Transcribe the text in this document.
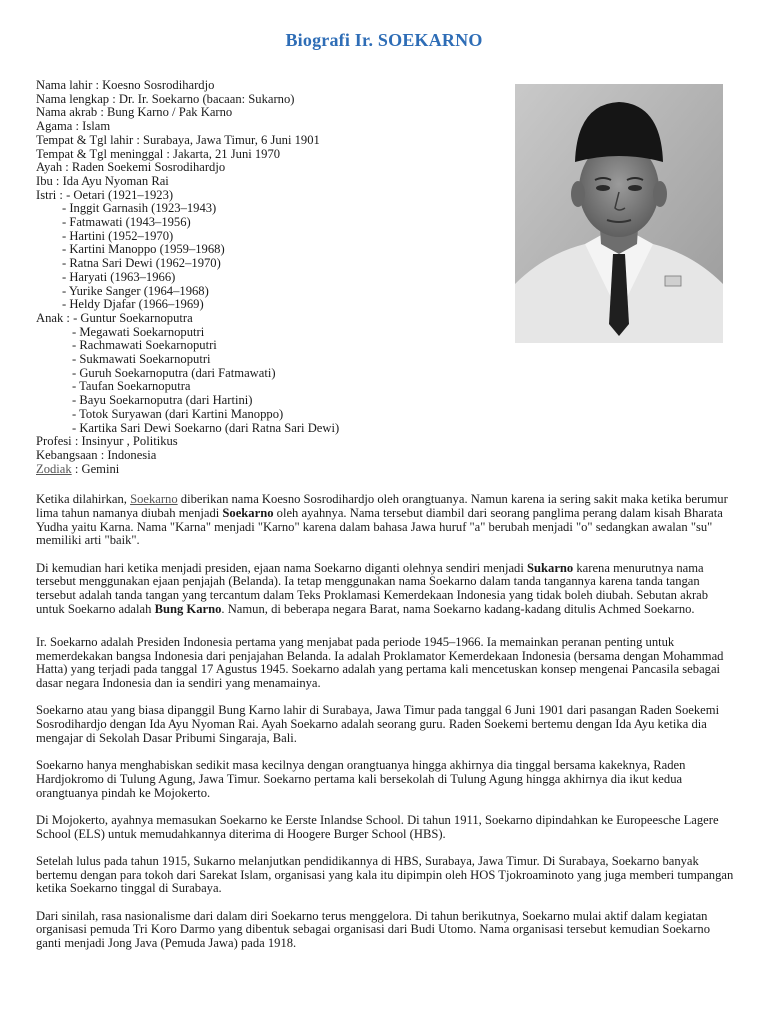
Biografi Ir. SOEKARNO
Nama lahir : Koesno Sosrodihardjo
Nama lengkap : Dr. Ir. Soekarno (bacaan: Sukarno)
Nama akrab : Bung Karno / Pak Karno
Agama : Islam
Tempat & Tgl lahir : Surabaya, Jawa Timur, 6 Juni 1901
Tempat & Tgl meninggal : Jakarta, 21 Juni 1970
Ayah : Raden Soekemi Sosrodihardjo
Ibu : Ida Ayu Nyoman Rai
Istri : - Oetari (1921–1923)
- Inggit Garnasih (1923–1943)
- Fatmawati (1943–1956)
- Hartini (1952–1970)
- Kartini Manoppo (1959–1968)
- Ratna Sari Dewi (1962–1970)
- Haryati (1963–1966)
- Yurike Sanger (1964–1968)
- Heldy Djafar (1966–1969)
Anak : - Guntur Soekarnoputra
- Megawati Soekarnoputri
- Rachmawati Soekarnoputri
- Sukmawati Soekarnoputri
- Guruh Soekarnoputra (dari Fatmawati)
- Taufan Soekarnoputra
- Bayu Soekarnoputra (dari Hartini)
- Totok Suryawan (dari Kartini Manoppo)
- Kartika Sari Dewi Soekarno (dari Ratna Sari Dewi)
Profesi : Insinyur , Politikus
Kebangsaan : Indonesia
Zodiak : Gemini

Ketika dilahirkan, Soekarno diberikan nama Koesno Sosrodihardjo oleh orangtuanya. Namun karena ia sering sakit maka ketika berumur lima tahun namanya diubah menjadi Soekarno oleh ayahnya. Nama tersebut diambil dari seorang panglima perang dalam kisah Bharata Yudha yaitu Karna. Nama "Karna" menjadi "Karno" karena dalam bahasa Jawa huruf "a" berubah menjadi "o" sedangkan awalan "su" memiliki arti "baik".

Di kemudian hari ketika menjadi presiden, ejaan nama Soekarno diganti olehnya sendiri menjadi Sukarno karena menurutnya nama tersebut menggunakan ejaan penjajah (Belanda). Ia tetap menggunakan nama Soekarno dalam tanda tangannya karena tanda tangan tersebut adalah tanda tangan yang tercantum dalam Teks Proklamasi Kemerdekaan Indonesia yang tidak boleh diubah. Sebutan akrab untuk Soekarno adalah Bung Karno. Namun, di beberapa negara Barat, nama Soekarno kadang-kadang ditulis Achmed Soekarno.

Ir. Soekarno adalah Presiden Indonesia pertama yang menjabat pada periode 1945–1966. Ia memainkan peranan penting untuk memerdekakan bangsa Indonesia dari penjajahan Belanda. Ia adalah Proklamator Kemerdekaan Indonesia (bersama dengan Mohammad Hatta) yang terjadi pada tanggal 17 Agustus 1945. Soekarno adalah yang pertama kali mencetuskan konsep mengenai Pancasila sebagai dasar negara Indonesia dan ia sendiri yang menamainya.

Soekarno atau yang biasa dipanggil Bung Karno lahir di Surabaya, Jawa Timur pada tanggal 6 Juni 1901 dari pasangan Raden Soekemi Sosrodihardjo dengan Ida Ayu Nyoman Rai. Ayah Soekarno adalah seorang guru. Raden Soekemi bertemu dengan Ida Ayu ketika dia mengajar di Sekolah Dasar Pribumi Singaraja, Bali.

Soekarno hanya menghabiskan sedikit masa kecilnya dengan orangtuanya hingga akhirnya dia tinggal bersama kakeknya, Raden Hardjokromo di Tulung Agung, Jawa Timur. Soekarno pertama kali bersekolah di Tulung Agung hingga akhirnya dia ikut kedua orangtuanya pindah ke Mojokerto.

Di Mojokerto, ayahnya memasukan Soekarno ke Eerste Inlandse School. Di tahun 1911, Soekarno dipindahkan ke Europeesche Lagere School (ELS) untuk memudahkannya diterima di Hoogere Burger School (HBS).

Setelah lulus pada tahun 1915, Sukarno melanjutkan pendidikannya di HBS, Surabaya, Jawa Timur. Di Surabaya, Soekarno banyak bertemu dengan para tokoh dari Sarekat Islam, organisasi yang kala itu dipimpin oleh HOS Tjokroaminoto yang juga memberi tumpangan ketika Soekarno tinggal di Surabaya.

Dari sinilah, rasa nasionalisme dari dalam diri Soekarno terus menggelora. Di tahun berikutnya, Soekarno mulai aktif dalam kegiatan organisasi pemuda Tri Koro Darmo yang dibentuk sebagai organisasi dari Budi Utomo. Nama organisasi tersebut kemudian Soekarno ganti menjadi Jong Java (Pemuda Jawa) pada 1918.
